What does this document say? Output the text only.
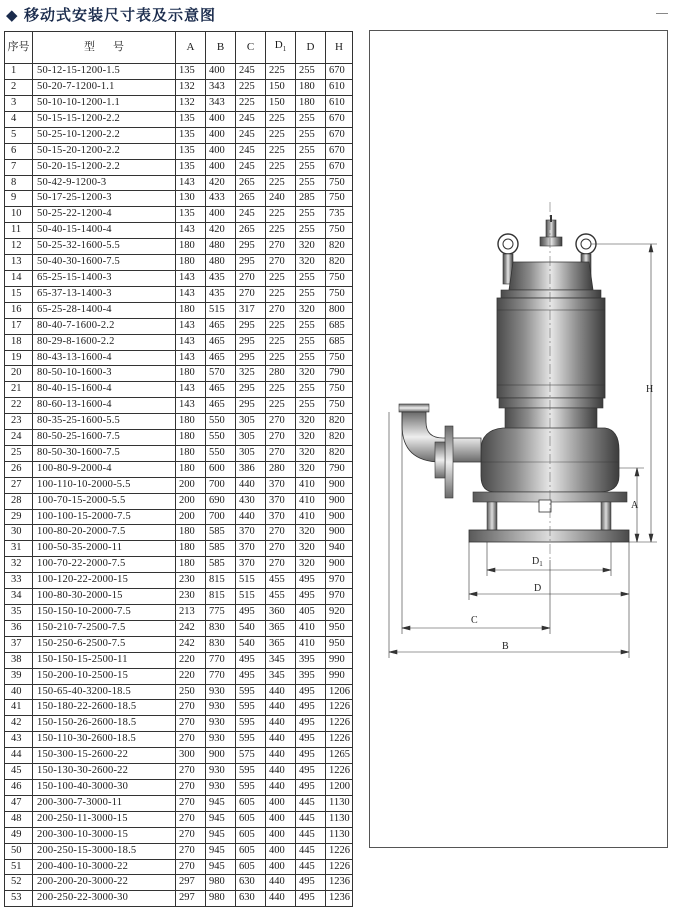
◆ 移动式安装尺寸表及示意图
序号	型号	A	B	C	$D_1$	D	H
1	50-12-15-1200-1.5	135	400	245	225	255	670
2	50-20-7-1200-1.1	132	343	225	150	180	610
3	50-10-10-1200-1.1	132	343	225	150	180	610
4	50-15-15-1200-2.2	135	400	245	225	255	670
5	50-25-10-1200-2.2	135	400	245	225	255	670
6	50-15-20-1200-2.2	135	400	245	225	255	670
7	50-20-15-1200-2.2	135	400	245	225	255	670
8	50-42-9-1200-3	143	420	265	225	255	750
9	50-17-25-1200-3	130	433	265	240	285	750
10	50-25-22-1200-4	135	400	245	225	255	735
11	50-40-15-1400-4	143	420	265	225	255	750
12	50-25-32-1600-5.5	180	480	295	270	320	820
13	50-40-30-1600-7.5	180	480	295	270	320	820
14	65-25-15-1400-3	143	435	270	225	255	750
15	65-37-13-1400-3	143	435	270	225	255	750
16	65-25-28-1400-4	180	515	317	270	320	800
17	80-40-7-1600-2.2	143	465	295	225	255	685
18	80-29-8-1600-2.2	143	465	295	225	255	685
19	80-43-13-1600-4	143	465	295	225	255	750
20	80-50-10-1600-3	180	570	325	280	320	790
21	80-40-15-1600-4	143	465	295	225	255	750
22	80-60-13-1600-4	143	465	295	225	255	750
23	80-35-25-1600-5.5	180	550	305	270	320	820
24	80-50-25-1600-7.5	180	550	305	270	320	820
25	80-50-30-1600-7.5	180	550	305	270	320	820
26	100-80-9-2000-4	180	600	386	280	320	790
27	100-110-10-2000-5.5	200	700	440	370	410	900
28	100-70-15-2000-5.5	200	690	430	370	410	900
29	100-100-15-2000-7.5	200	700	440	370	410	900
30	100-80-20-2000-7.5	180	585	370	270	320	900
31	100-50-35-2000-11	180	585	370	270	320	940
32	100-70-22-2000-7.5	180	585	370	270	320	900
33	100-120-22-2000-15	230	815	515	455	495	970
34	100-80-30-2000-15	230	815	515	455	495	970
35	150-150-10-2000-7.5	213	775	495	360	405	920
36	150-210-7-2500-7.5	242	830	540	365	410	950
37	150-250-6-2500-7.5	242	830	540	365	410	950
38	150-150-15-2500-11	220	770	495	345	395	990
39	150-200-10-2500-15	220	770	495	345	395	990
40	150-65-40-3200-18.5	250	930	595	440	495	1206
41	150-180-22-2600-18.5	270	930	595	440	495	1226
42	150-150-26-2600-18.5	270	930	595	440	495	1226
43	150-110-30-2600-18.5	270	930	595	440	495	1226
44	150-300-15-2600-22	300	900	575	440	495	1265
45	150-130-30-2600-22	270	930	595	440	495	1226
46	150-100-40-3000-30	270	930	595	440	495	1200
47	200-300-7-3000-11	270	945	605	400	445	1130
48	200-250-11-3000-15	270	945	605	400	445	1130
49	200-300-10-3000-15	270	945	605	400	445	1130
50	200-250-15-3000-18.5	270	945	605	400	445	1226
51	200-400-10-3000-22	270	945	605	400	445	1226
52	200-200-20-3000-22	297	980	630	440	495	1236
53	200-250-22-3000-30	297	980	630	440	495	1236
H
A
$D_1$
D
C
B
